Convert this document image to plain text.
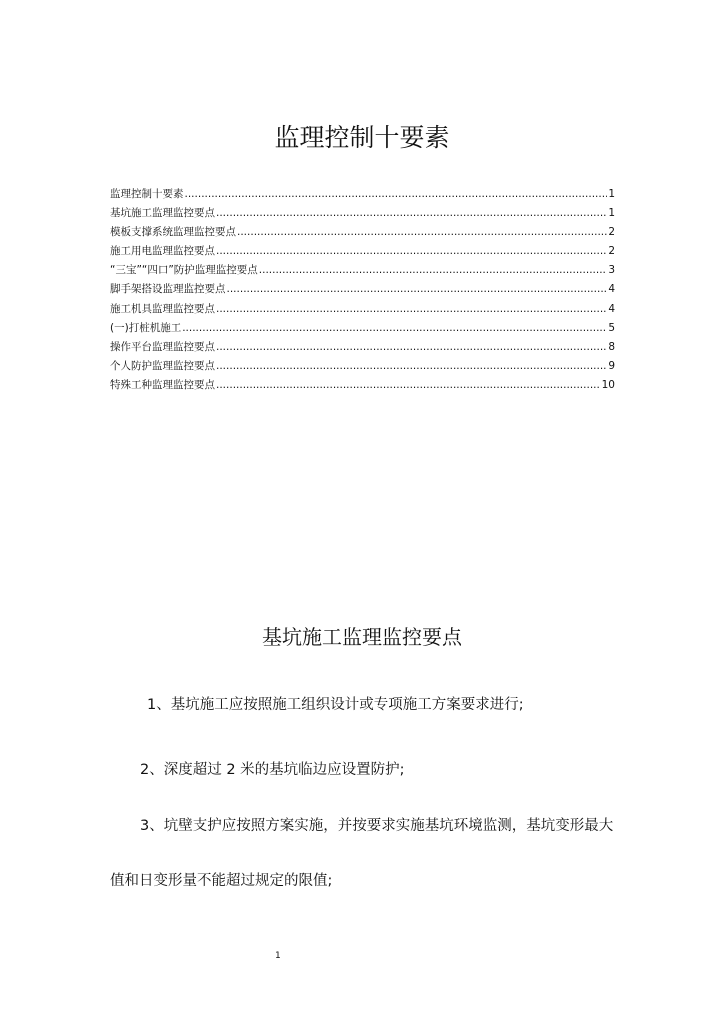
监理控制十要素
监理控制十要素 .....	1
基坑施工监理监控要点 .....	1
模板支撑系统监理监控要点 .....	2
施工用电监理监控要点 .....	2
“三宝”“四口”防护监理监控要点 .....	3
脚手架搭设监理监控要点 .....	4
施工机具监理监控要点 .....	4
(一)打桩机施工 .....	5
操作平台监理监控要点 .....	8
个人防护监理监控要点 .....	9
特殊工种监理监控要点 .....	10
基坑施工监理监控要点
1、基坑施工应按照施工组织设计或专项施工方案要求进行;
2、深度超过 2 米的基坑临边应设置防护;
3、坑壁支护应按照方案实施，并按要求实施基坑环境监测，基坑变形最大
值和日变形量不能超过规定的限值;
1
